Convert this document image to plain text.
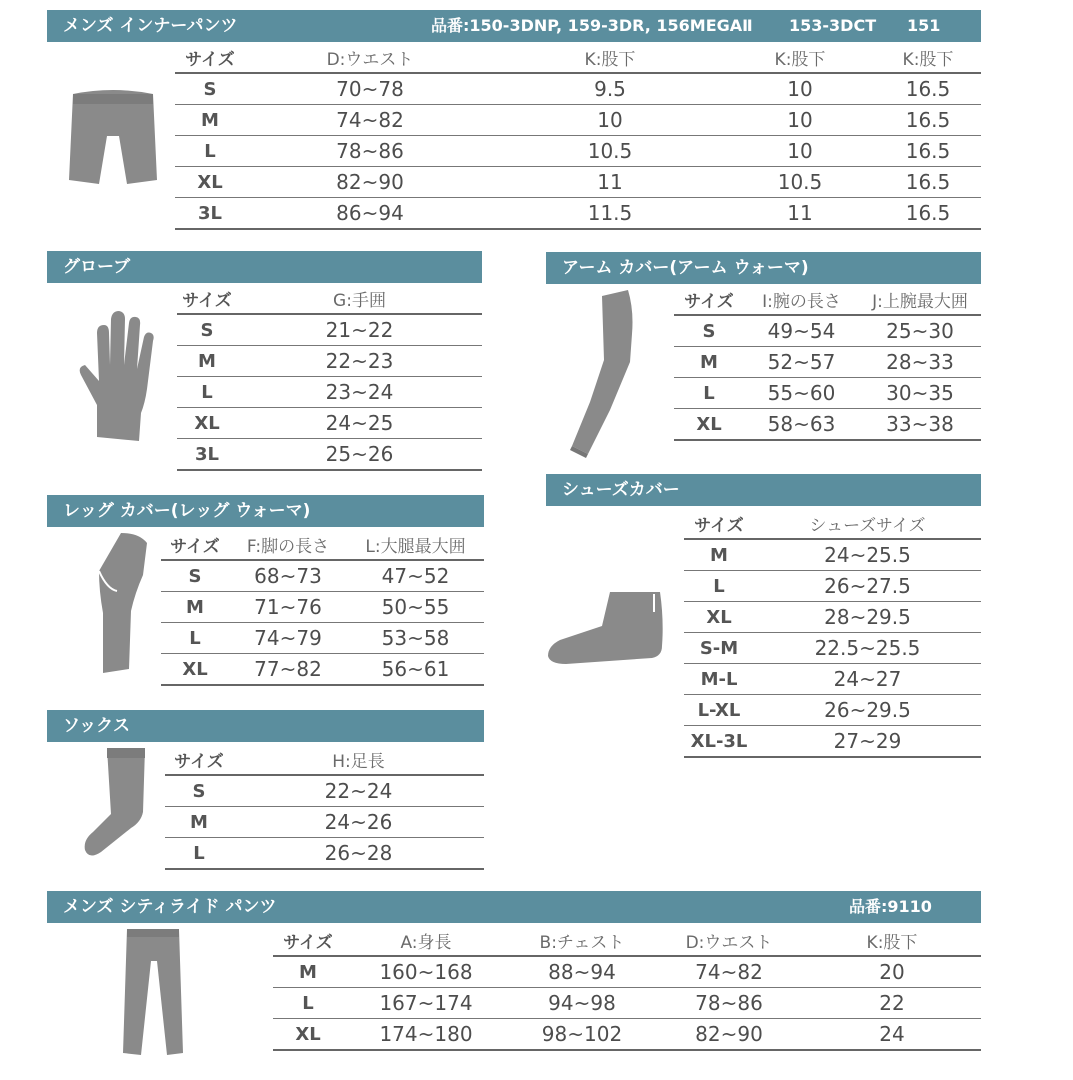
メンズ インナーパンツ	品番:150-3DNP, 159-3DR, 156MEGAⅡ 153-3DCT 151
サイズ	D:ウエスト	K:股下	K:股下	K:股下
S	70~78	9.5	10	16.5
M	74~82	10	10	16.5
L	78~86	10.5	10	16.5
XL	82~90	11	10.5	16.5
3L	86~94	11.5	11	16.5
グローブ
サイズ	G:手囲
S	21~22
M	22~23
L	23~24
XL	24~25
3L	25~26
アーム カバー(アーム ウォーマ)
サイズ	I:腕の長さ	J:上腕最大囲
S	49~54	25~30
M	52~57	28~33
L	55~60	30~35
XL	58~63	33~38
シューズカバー
サイズ	シューズサイズ
M	24~25.5
L	26~27.5
XL	28~29.5
S-M	22.5~25.5
M-L	24~27
L-XL	26~29.5
XL-3L	27~29
レッグ カバー(レッグ ウォーマ)
サイズ	F:脚の長さ	L:大腿最大囲
S	68~73	47~52
M	71~76	50~55
L	74~79	53~58
XL	77~82	56~61
ソックス
サイズ	H:足長
S	22~24
M	24~26
L	26~28
メンズ シティライド パンツ	品番:9110
サイズ	A:身長	B:チェスト	D:ウエスト	K:股下
M	160~168	88~94	74~82	20
L	167~174	94~98	78~86	22
XL	174~180	98~102	82~90	24
